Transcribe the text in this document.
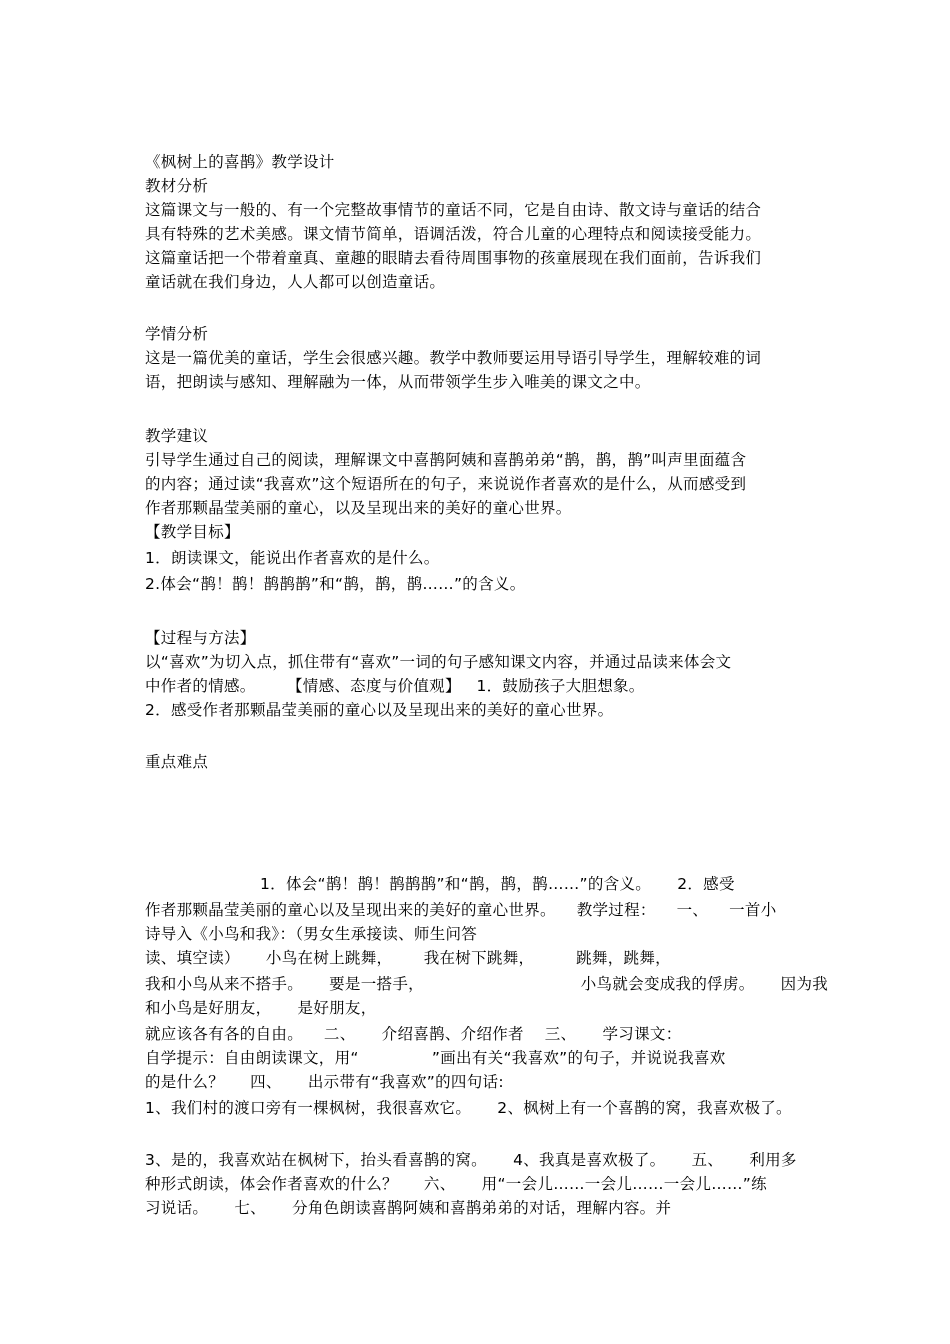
《枫树上的喜鹊》教学设计
教材分析
这篇课文与一般的、有一个完整故事情节的童话不同，它是自由诗、散文诗与童话的结合
具有特殊的艺术美感。课文情节简单，语调活泼，符合儿童的心理特点和阅读接受能力。
这篇童话把一个带着童真、童趣的眼睛去看待周围事物的孩童展现在我们面前，告诉我们
童话就在我们身边，人人都可以创造童话。
学情分析
这是一篇优美的童话，学生会很感兴趣。教学中教师要运用导语引导学生，理解较难的词
语，把朗读与感知、理解融为一体，从而带领学生步入唯美的课文之中。
教学建议
引导学生通过自己的阅读，理解课文中喜鹊阿姨和喜鹊弟弟“鹊，鹊，鹊”叫声里面蕴含
的内容；通过读“我喜欢”这个短语所在的句子，来说说作者喜欢的是什么，从而感受到
作者那颗晶莹美丽的童心，以及呈现出来的美好的童心世界。
【教学目标】
1．朗读课文，能说出作者喜欢的是什么。
2.体会“鹊！鹊！鹊鹊鹊”和“鹊，鹊，鹊……”的含义。
【过程与方法】
以“喜欢”为切入点，抓住带有“喜欢”一词的句子感知课文内容，并通过品读来体会文
中作者的情感。      【情感、态度与价值观】   1．鼓励孩子大胆想象。
2．感受作者那颗晶莹美丽的童心以及呈现出来的美好的童心世界。
重点难点
1．体会“鹊！鹊！鹊鹊鹊”和“鹊，鹊，鹊……”的含义。     2．感受
作者那颗晶莹美丽的童心以及呈现出来的美好的童心世界。    教学过程：    一、    一首小
诗导入《小鸟和我》：（男女生承接读、师生问答
读、填空读）     小鸟在树上跳舞，      我在树下跳舞，        跳舞，跳舞，
我和小鸟从来不搭手。     要是一搭手，                              小鸟就会变成我的俘虏。     因为我
和小鸟是好朋友，     是好朋友，
就应该各有各的自由。    二、     介绍喜鹊、介绍作者    三、     学习课文：
自学提示：自由朗读课文，用“              ”画出有关“我喜欢”的句子，并说说我喜欢
的是什么？     四、     出示带有“我喜欢”的四句话:
1、我们村的渡口旁有一棵枫树，我很喜欢它。     2、枫树上有一个喜鹊的窝，我喜欢极了。
3、是的，我喜欢站在枫树下，抬头看喜鹊的窝。     4、我真是喜欢极了。     五、     利用多
种形式朗读，体会作者喜欢的什么？     六、     用“一会儿……一会儿……一会儿……”练
习说话。     七、     分角色朗读喜鹊阿姨和喜鹊弟弟的对话，理解内容。并
